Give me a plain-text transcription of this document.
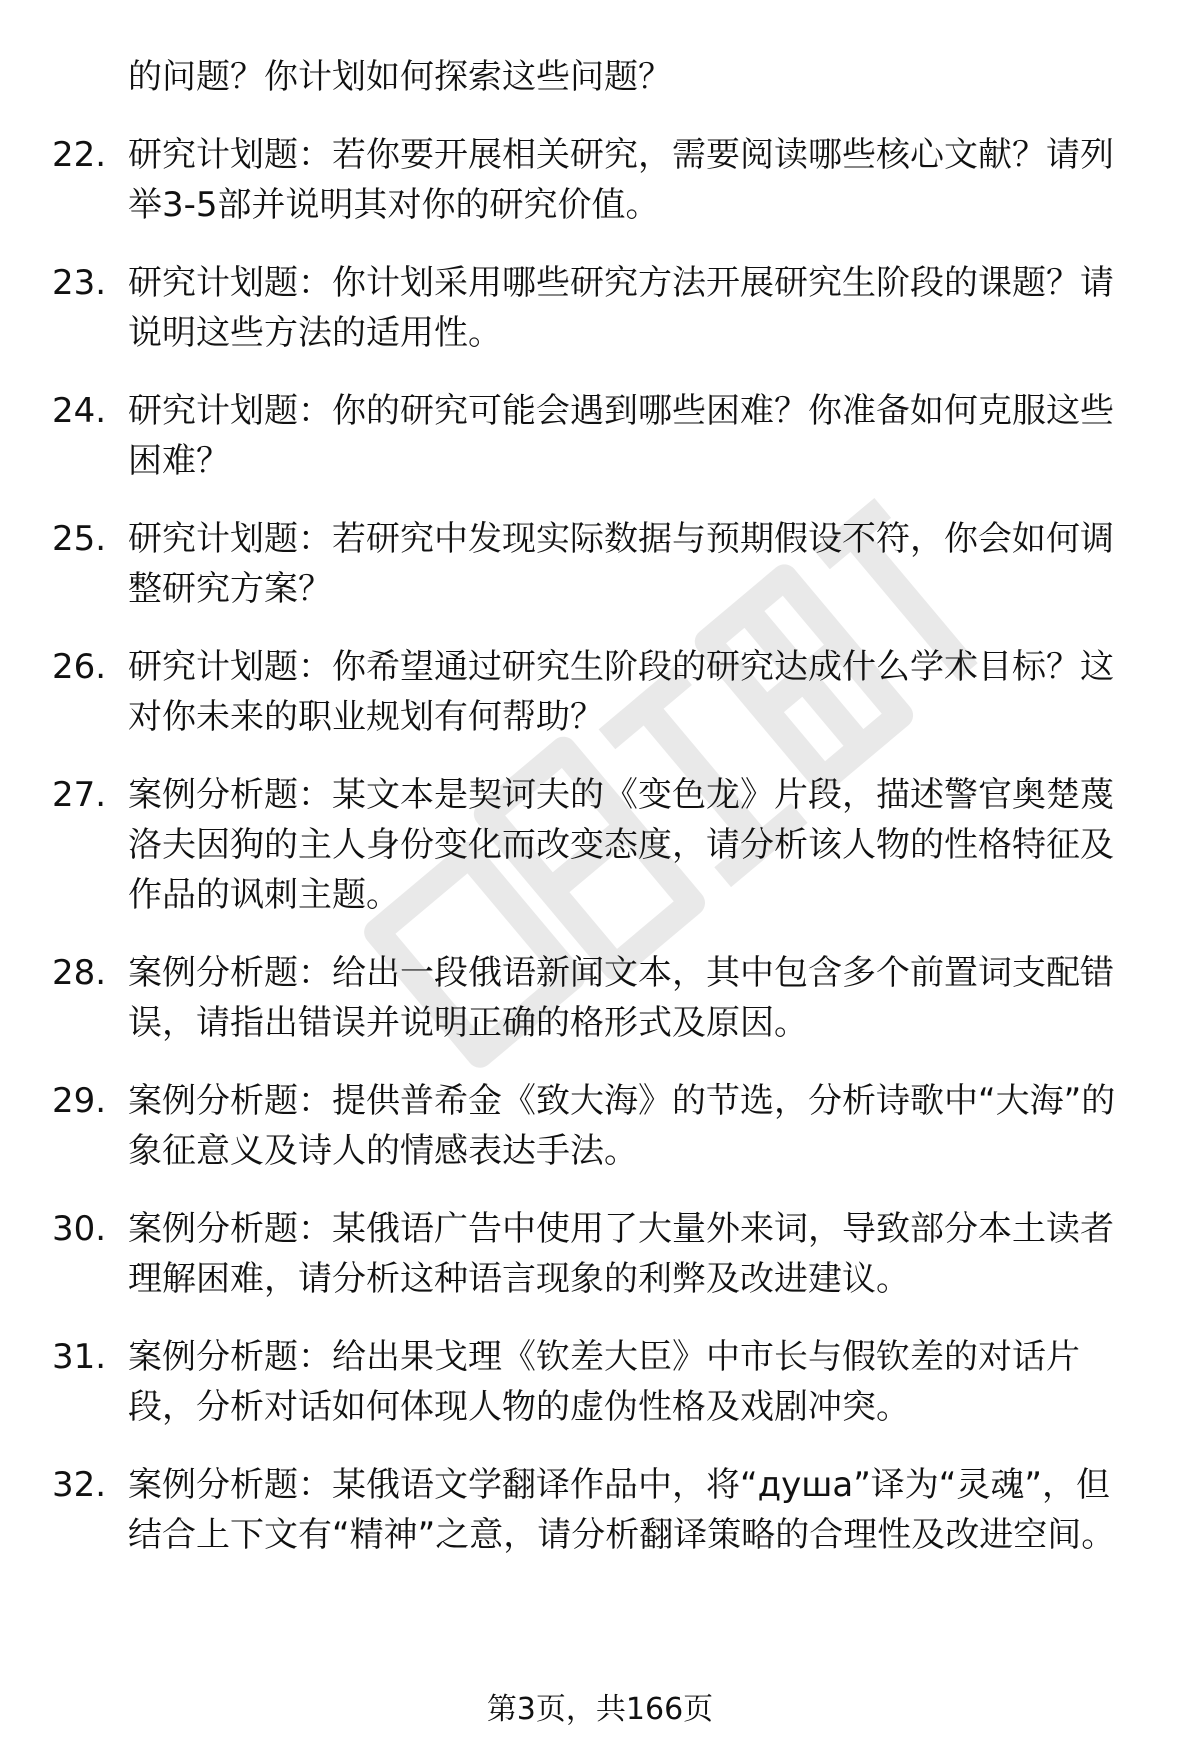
的问题？你计划如何探索这些问题？
22. 研究计划题：若你要开展相关研究，需要阅读哪些核心文献？请列举3-5部并说明其对你的研究价值。
23. 研究计划题：你计划采用哪些研究方法开展研究生阶段的课题？请说明这些方法的适用性。
24. 研究计划题：你的研究可能会遇到哪些困难？你准备如何克服这些困难？
25. 研究计划题：若研究中发现实际数据与预期假设不符，你会如何调整研究方案？
26. 研究计划题：你希望通过研究生阶段的研究达成什么学术目标？这对你未来的职业规划有何帮助？
27. 案例分析题：某文本是契诃夫的《变色龙》片段，描述警官奥楚蔑洛夫因狗的主人身份变化而改变态度，请分析该人物的性格特征及作品的讽刺主题。
28. 案例分析题：给出一段俄语新闻文本，其中包含多个前置词支配错误，请指出错误并说明正确的格形式及原因。
29. 案例分析题：提供普希金《致大海》的节选，分析诗歌中“大海”的象征意义及诗人的情感表达手法。
30. 案例分析题：某俄语广告中使用了大量外来词，导致部分本土读者理解困难，请分析这种语言现象的利弊及改进建议。
31. 案例分析题：给出果戈理《钦差大臣》中市长与假钦差的对话片段，分析对话如何体现人物的虚伪性格及戏剧冲突。
32. 案例分析题：某俄语文学翻译作品中，将“душа”译为“灵魂”，但结合上下文有“精神”之意，请分析翻译策略的合理性及改进空间。
第3页，共166页
